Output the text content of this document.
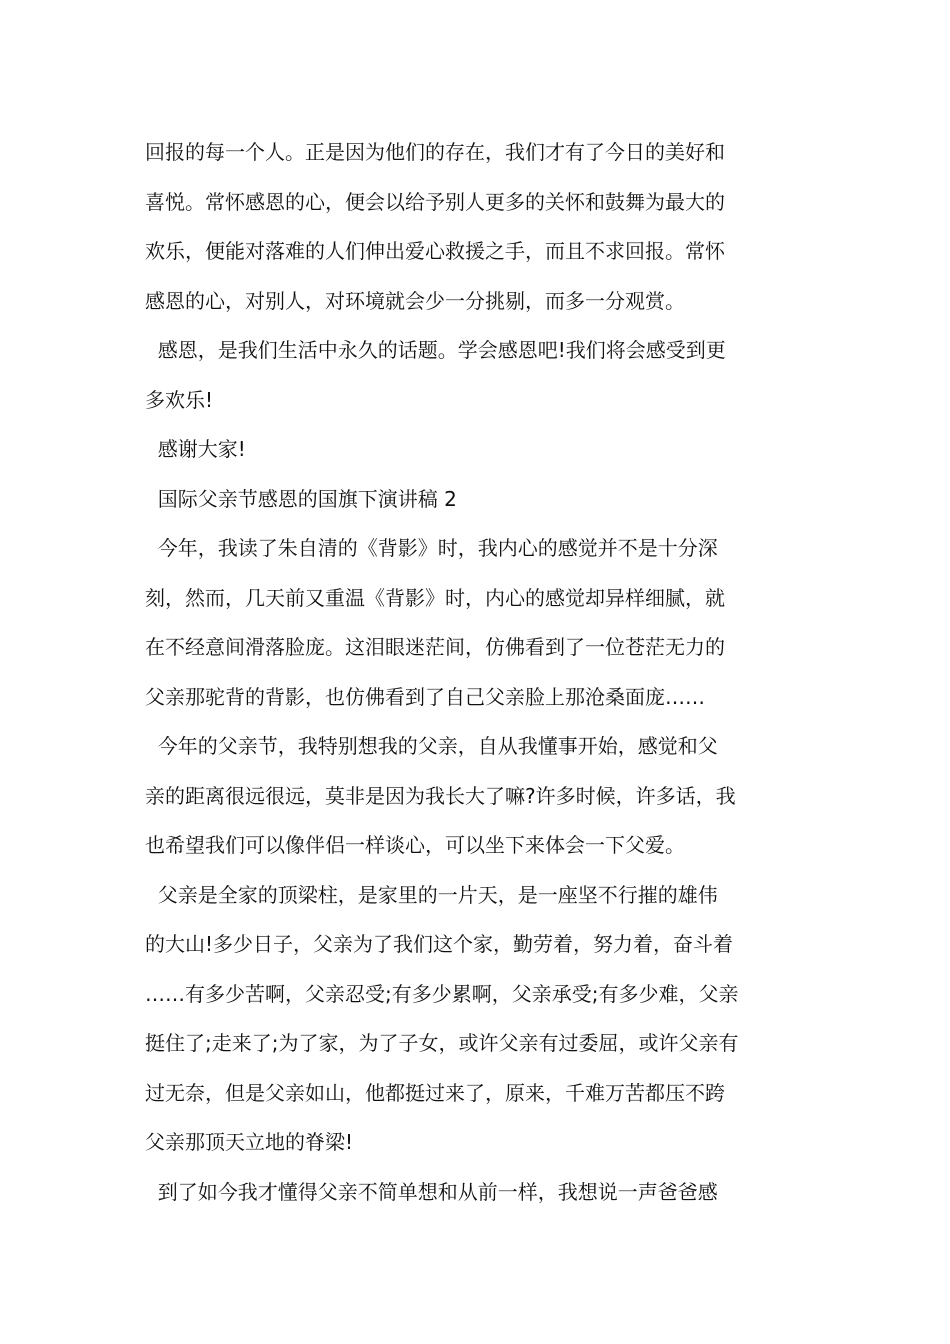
回报的每一个人。正是因为他们的存在，我们才有了今日的美好和
喜悦。常怀感恩的心，便会以给予别人更多的关怀和鼓舞为最大的
欢乐，便能对落难的人们伸出爱心救援之手，而且不求回报。常怀
感恩的心，对别人，对环境就会少一分挑剔，而多一分观赏。
感恩，是我们生活中永久的话题。学会感恩吧!我们将会感受到更
多欢乐!
感谢大家!
国际父亲节感恩的国旗下演讲稿 2
今年，我读了朱自清的《背影》时，我内心的感觉并不是十分深
刻，然而，几天前又重温《背影》时，内心的感觉却异样细腻，就
在不经意间滑落脸庞。这泪眼迷茫间，仿佛看到了一位苍茫无力的
父亲那驼背的背影，也仿佛看到了自己父亲脸上那沧桑面庞……
今年的父亲节，我特别想我的父亲，自从我懂事开始，感觉和父
亲的距离很远很远，莫非是因为我长大了嘛?许多时候，许多话，我
也希望我们可以像伴侣一样谈心，可以坐下来体会一下父爱。
父亲是全家的顶梁柱，是家里的一片天，是一座坚不行摧的雄伟
的大山!多少日子，父亲为了我们这个家，勤劳着，努力着，奋斗着
……有多少苦啊，父亲忍受;有多少累啊，父亲承受;有多少难，父亲
挺住了;走来了;为了家，为了子女，或许父亲有过委屈，或许父亲有
过无奈，但是父亲如山，他都挺过来了，原来，千难万苦都压不跨
父亲那顶天立地的脊梁!
到了如今我才懂得父亲不简单想和从前一样，我想说一声爸爸感
